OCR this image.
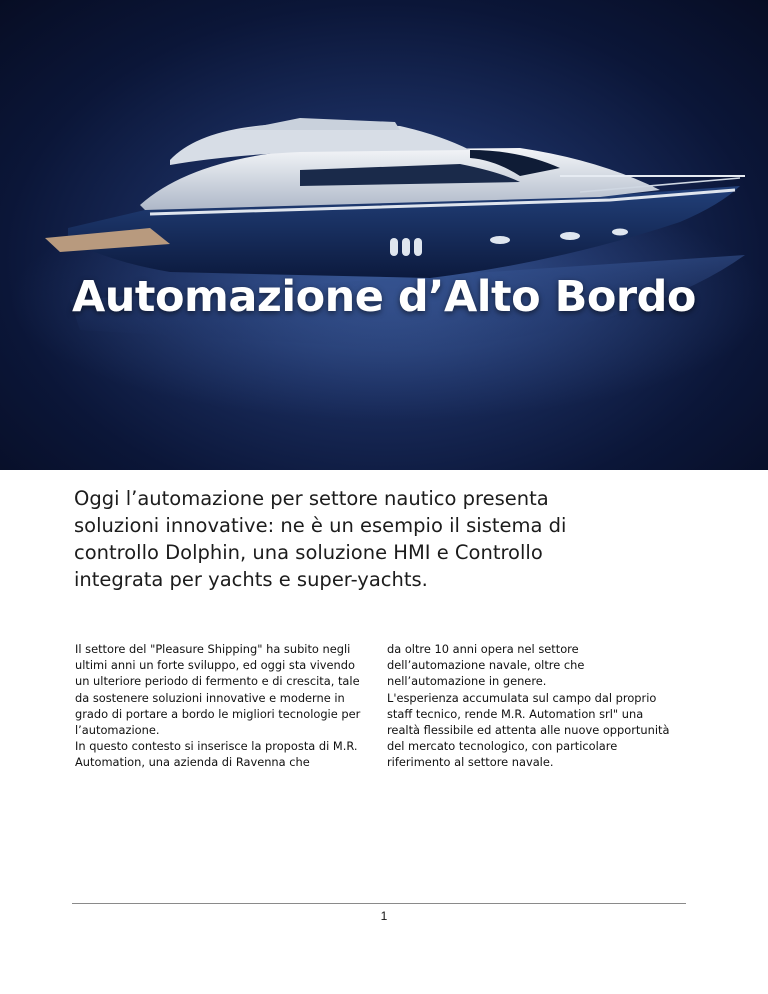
Automazione d’Alto Bordo

Oggi l’automazione per settore nautico presenta soluzioni innovative: ne è un esempio il sistema di controllo Dolphin, una soluzione HMI e Controllo integrata per yachts e super-yachts.

Il settore del "Pleasure Shipping" ha subito negli ultimi anni un forte sviluppo, ed oggi sta vivendo un ulteriore periodo di fermento e di crescita, tale da sostenere soluzioni innovative e moderne in grado di portare a bordo le migliori tecnologie per l’automazione.

In questo contesto si inserisce la proposta di M.R. Automation, una azienda di Ravenna che

da oltre 10 anni opera nel settore dell’automazione navale, oltre che nell’automazione in genere.

L'esperienza accumulata sul campo dal proprio staff tecnico, rende M.R. Automation srl" una realtà flessibile ed attenta alle nuove opportunità del mercato tecnologico, con particolare riferimento al settore navale.

1
